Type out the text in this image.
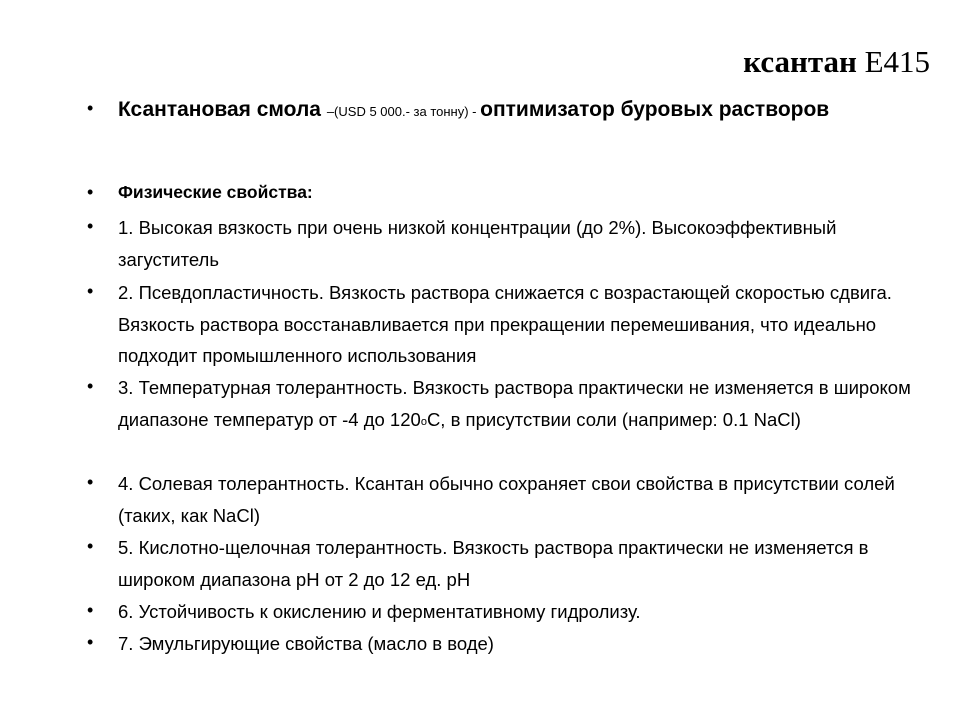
ксантан Е415
• Ксантановая смола –(USD 5 000.- за тонну) - оптимизатор буровых растворов
• Физические свойства:
• 1. Высокая вязкость при очень низкой концентрации (до 2%). Высокоэффективный загуститель
• 2. Псевдопластичность. Вязкость раствора снижается с возрастающей скоростью сдвига. Вязкость раствора восстанавливается при прекращении перемешивания, что идеально подходит промышленного использования
• 3. Температурная толерантность. Вязкость раствора практически не изменяется в широком диапазоне температур от -4 до $120_оС$, в присутствии соли (например: 0.1 NaCl)
• 4. Солевая толерантность. Ксантан обычно сохраняет свои свойства в присутствии солей (таких, как NaCl)
• 5. Кислотно-щелочная толерантность. Вязкость раствора практически не изменяется в широком диапазона рН от 2 до 12 ед. рН
• 6. Устойчивость к окислению и ферментативному гидролизу.
• 7. Эмульгирующие свойства (масло в воде)
